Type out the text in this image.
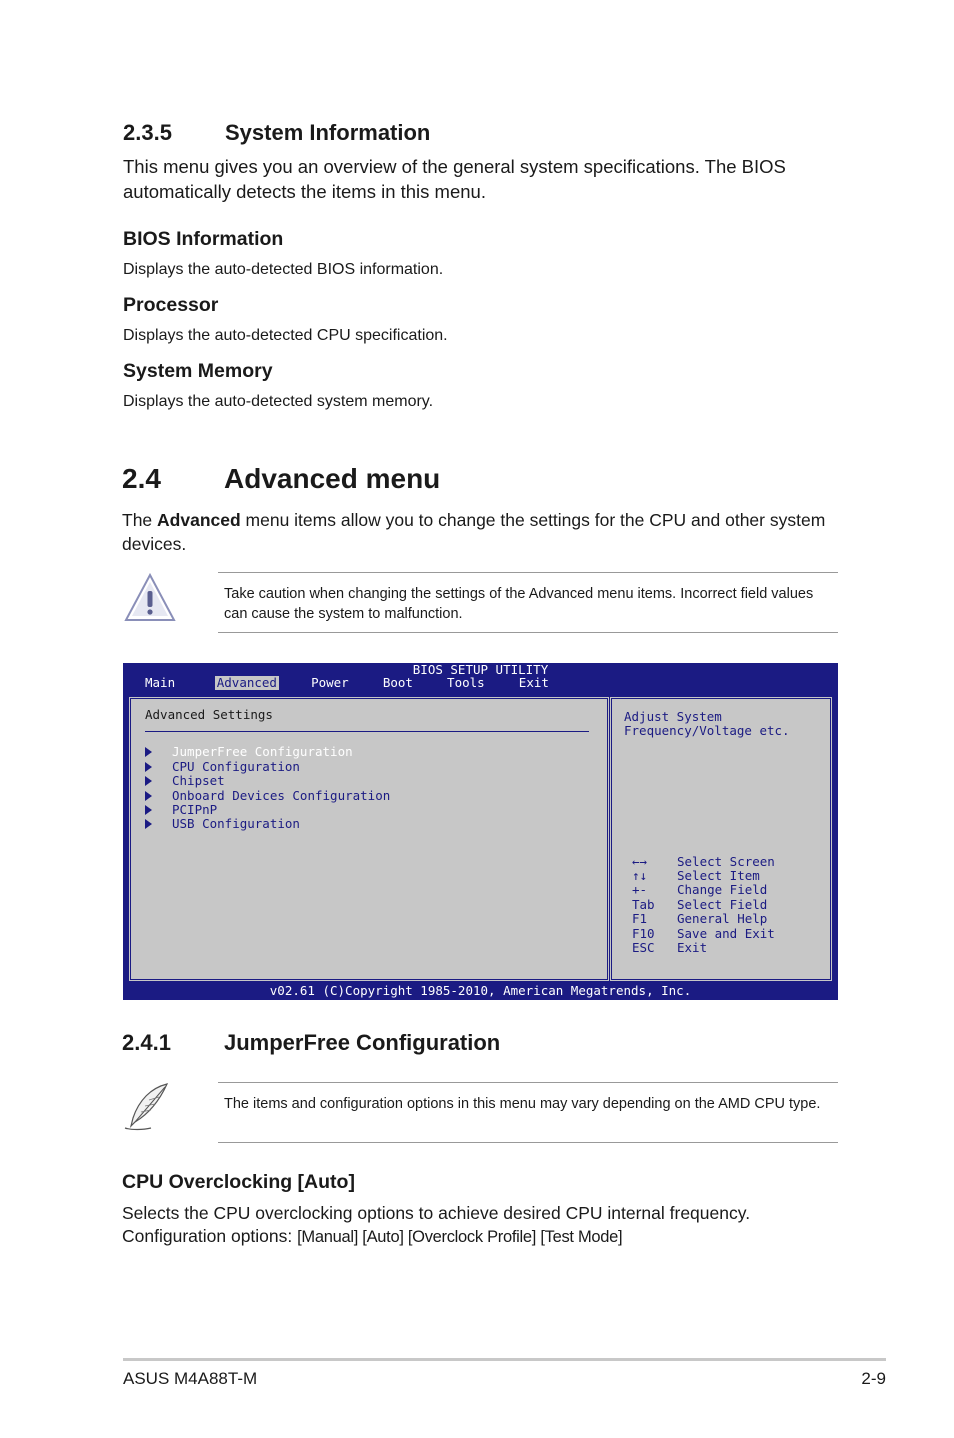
2.3.5 System Information
This menu gives you an overview of the general system specifications. The BIOS automatically detects the items in this menu.
BIOS Information
Displays the auto-detected BIOS information.
Processor
Displays the auto-detected CPU specification.
System Memory
Displays the auto-detected system memory.
2.4 Advanced menu
The Advanced menu items allow you to change the settings for the CPU and other system devices.
Take caution when changing the settings of the Advanced menu items. Incorrect field values can cause the system to malfunction.
BIOS SETUP UTILITY
Main	Advanced	Power	Boot	Tools	Exit
Advanced Settings
JumperFree Configuration
CPU Configuration
Chipset
Onboard Devices Configuration
PCIPnP
USB Configuration
Adjust System
Frequency/Voltage etc.
←→ Select Screen
↑↓ Select Item
+- Change Field
Tab Select Field
F1 General Help
F10 Save and Exit
ESC Exit
v02.61 (C)Copyright 1985-2010, American Megatrends, Inc.
2.4.1 JumperFree Configuration
The items and configuration options in this menu may vary depending on the AMD CPU type.
CPU Overclocking [Auto]
Selects the CPU overclocking options to achieve desired CPU internal frequency.
Configuration options: [Manual] [Auto] [Overclock Profile] [Test Mode]
ASUS M4A88T-M	2-9
